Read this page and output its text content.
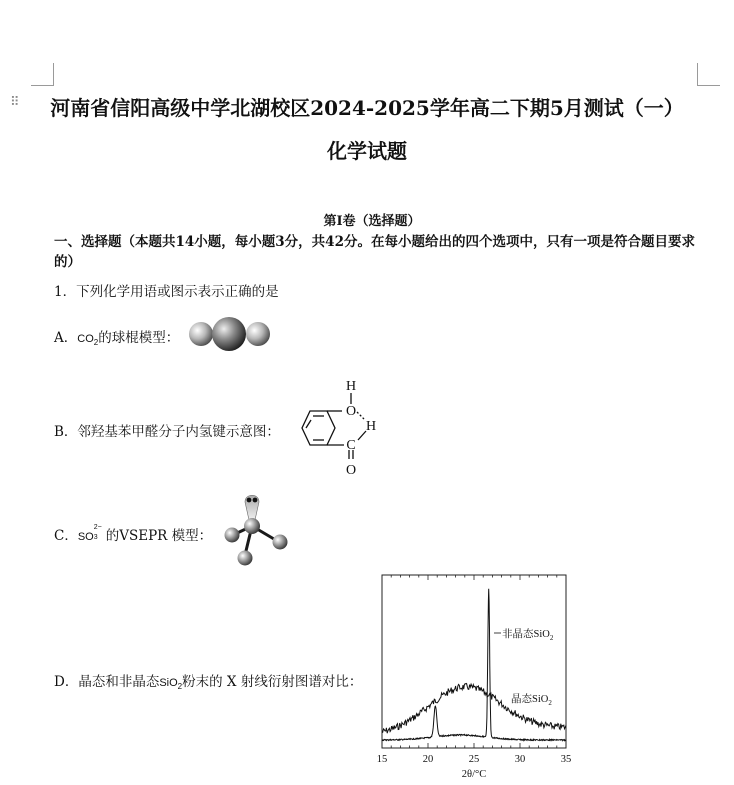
⠿	河南省信阳高级中学北湖校区2024-2025学年高二下期5月测试（一）
化学试题
第Ⅰ卷（选择题）
一、选择题（本题共14小题，每小题3分，共42分。在每小题给出的四个选项中，只有一项是符合题目要求的）
1．下列化学用语或图示表示正确的是
A．$CO_2$的球棍模型：
B．邻羟基苯甲醛分子内氢键示意图：
H
O
H
C
O
C．SO
2−
3 的VSEPR 模型：
D．晶态和非晶态SiO$_2$粉末的 X 射线衍射图谱对比：
非晶态SiO$_2$
晶态SiO$_2$
15	20	25	30	35
2θ/°C
